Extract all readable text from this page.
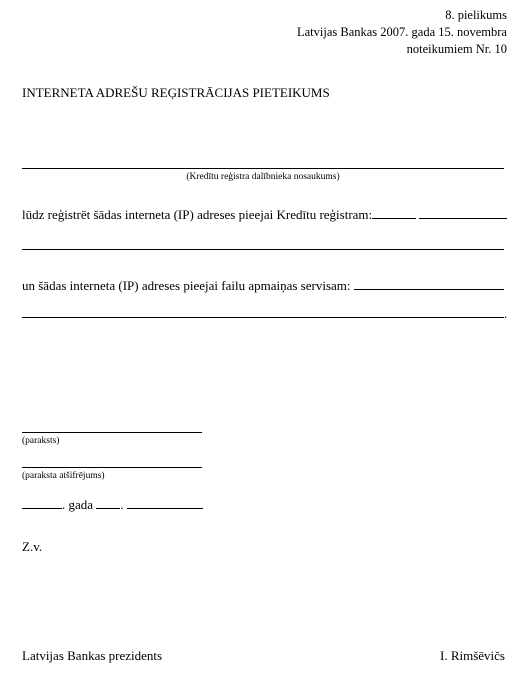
8. pielikums
Latvijas Bankas 2007. gada 15. novembra
noteikumiem Nr. 10
INTERNETA ADREŠU REĢISTRĀCIJAS PIETEIKUMS
(Kredītu reģistra dalībnieka nosaukums)
lūdz reģistrēt šādas interneta (IP) adreses pieejai Kredītu reģistram:
un šādas interneta (IP) adreses pieejai failu apmaiņas servisam:
.
(paraksts)
(paraksta atšifrējums)
. gada .
Z.v.
Latvijas Bankas prezidents	I. Rimšēvičs
